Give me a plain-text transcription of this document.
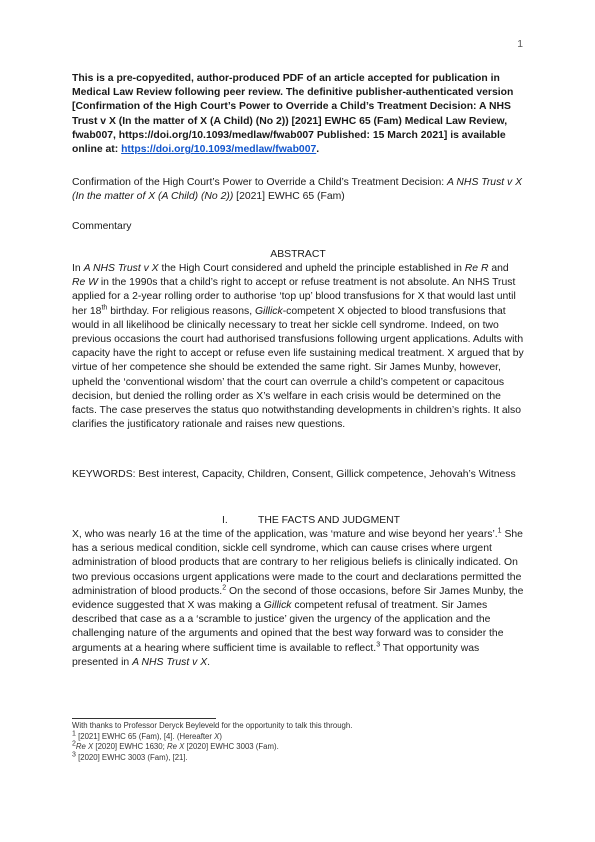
1

This is a pre-copyedited, author-produced PDF of an article accepted for publication in Medical Law Review following peer review. The definitive publisher-authenticated version [Confirmation of the High Court’s Power to Override a Child’s Treatment Decision: A NHS Trust v X (In the matter of X (A Child) (No 2)) [2021] EWHC 65 (Fam) Medical Law Review, fwab007, https://doi.org/10.1093/medlaw/fwab007 Published: 15 March 2021] is available online at: https://doi.org/10.1093/medlaw/fwab007.

Confirmation of the High Court’s Power to Override a Child’s Treatment Decision: A NHS Trust v X (In the matter of X (A Child) (No 2)) [2021] EWHC 65 (Fam)

Commentary

ABSTRACT

In A NHS Trust v X the High Court considered and upheld the principle established in Re R and Re W in the 1990s that a child’s right to accept or refuse treatment is not absolute. An NHS Trust applied for a 2-year rolling order to authorise ‘top up’ blood transfusions for X that would last until her 18th birthday. For religious reasons, Gillick-competent X objected to blood transfusions that would in all likelihood be clinically necessary to treat her sickle cell syndrome. Indeed, on two previous occasions the court had authorised transfusions following urgent applications. Adults with capacity have the right to accept or refuse even life sustaining medical treatment. X argued that by virtue of her competence she should be extended the same right. Sir James Munby, however, upheld the ‘conventional wisdom’ that the court can overrule a child’s competent or capacitous decision, but denied the rolling order as X’s welfare in each crisis would be determined on the facts. The case preserves the status quo notwithstanding developments in children’s rights. It also clarifies the justificatory rationale and raises new questions.

KEYWORDS: Best interest, Capacity, Children, Consent, Gillick competence, Jehovah’s Witness

I.	THE FACTS AND JUDGMENT

X, who was nearly 16 at the time of the application, was ‘mature and wise beyond her years’.$^1$ She has a serious medical condition, sickle cell syndrome, which can cause crises where urgent administration of blood products that are contrary to her religious beliefs is clinically indicated. On two previous occasions urgent applications were made to the court and declarations permitted the administration of blood products.$^2$ On the second of those occasions, before Sir James Munby, the evidence suggested that X was making a Gillick competent refusal of treatment. Sir James described that case as a a ‘scramble to justice’ given the urgency of the application and the challenging nature of the arguments and opined that the best way forward was to consider the arguments at a hearing where sufficient time is available to reflect.$^3$ That opportunity was presented in A NHS Trust v X.

With thanks to Professor Deryck Beyleveld for the opportunity to talk this through.

$^1$ [2021] EWHC 65 (Fam), [4]. (Hereafter X)

$^2$Re X [2020] EWHC 1630; Re X [2020] EWHC 3003 (Fam).

$^3$ [2020] EWHC 3003 (Fam), [21].
